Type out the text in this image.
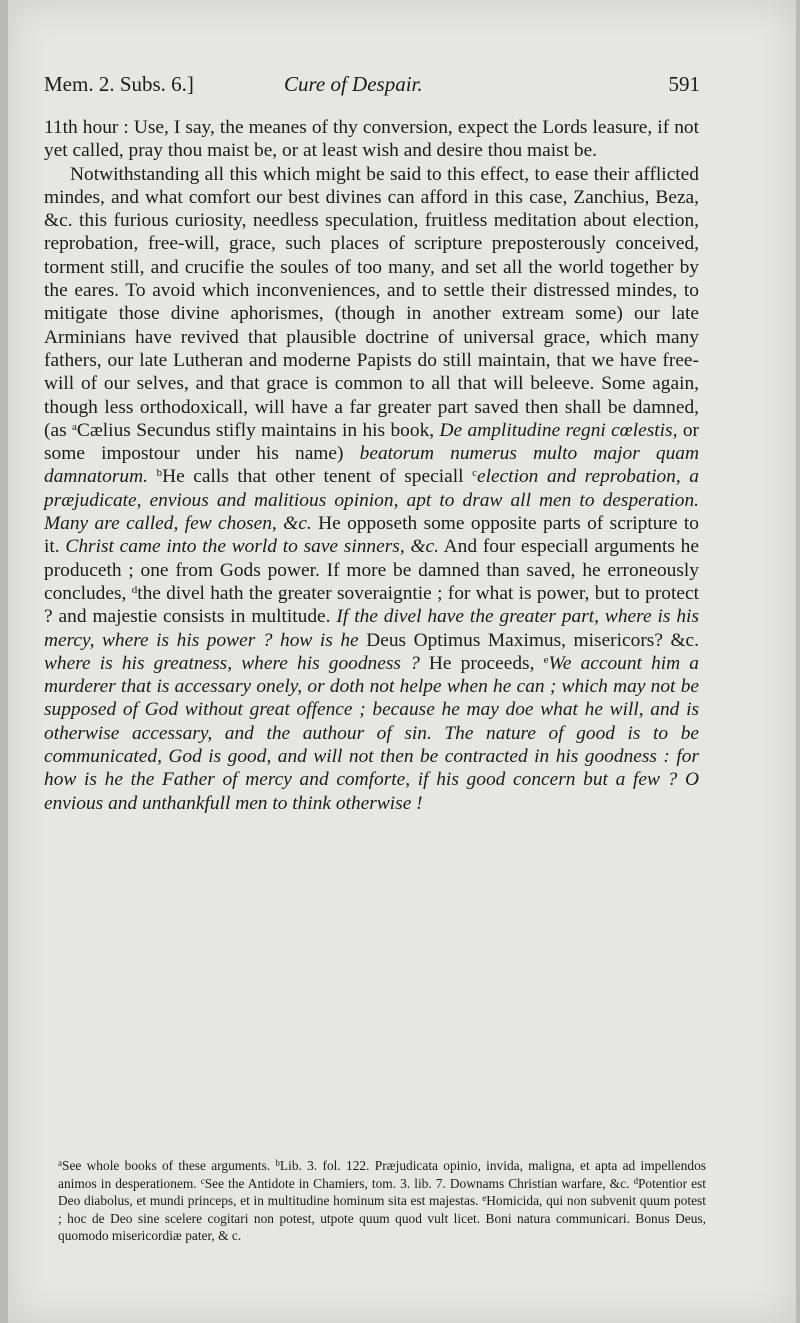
Mem. 2. Subs. 6.]	Cure of Despair.	591

11th hour : Use, I say, the meanes of thy conversion, expect the Lords leasure, if not yet called, pray thou maist be, or at least wish and desire thou maist be.

Notwithstanding all this which might be said to this effect, to ease their afflicted mindes, and what comfort our best divines can afford in this case, Zanchius, Beza, &c. this furious curiosity, needless speculation, fruitless meditation about election, reprobation, free-will, grace, such places of scripture preposterously conceived, torment still, and crucifie the soules of too many, and set all the world together by the eares. To avoid which inconveniences, and to settle their distressed mindes, to mitigate those divine aphorismes, (though in another extream some) our late Arminians have revived that plausible doctrine of universal grace, which many fathers, our late Lutheran and moderne Papists do still maintain, that we have free-will of our selves, and that grace is common to all that will beleeve. Some again, though less orthodoxicall, will have a far greater part saved then shall be damned, (as $^a$Cælius Secundus stifly maintains in his book, De amplitudine regni cœlestis, or some impostour under his name) beatorum numerus multo major quam damnatorum. $^b$He calls that other tenent of speciall $^c$election and reprobation, a præjudicate, envious and malitious opinion, apt to draw all men to desperation. Many are called, few chosen, &c. He opposeth some opposite parts of scripture to it. Christ came into the world to save sinners, &c. And four especiall arguments he produceth ; one from Gods power. If more be damned than saved, he erroneously concludes, $^d$the divel hath the greater soveraigntie ; for what is power, but to protect ? and majestie consists in multitude. If the divel have the greater part, where is his mercy, where is his power ? how is he Deus Optimus Maximus, misericors? &c. where is his greatness, where his goodness ? He proceeds, $^e$We account him a murderer that is accessary onely, or doth not helpe when he can ; which may not be supposed of God without great offence ; because he may doe what he will, and is otherwise accessary, and the authour of sin. The nature of good is to be communicated, God is good, and will not then be contracted in his goodness : for how is he the Father of mercy and comforte, if his good concern but a few ? O envious and unthankfull men to think otherwise !

$^a$See whole books of these arguments. $^b$Lib. 3. fol. 122. Præjudicata opinio, invida, maligna, et apta ad impellendos animos in desperationem. $^c$See the Antidote in Chamiers, tom. 3. lib. 7. Downams Christian warfare, &c. $^d$Potentior est Deo diabolus, et mundi princeps, et in multitudine hominum sita est majestas. $^e$Homicida, qui non subvenit quum potest ; hoc de Deo sine scelere cogitari non potest, utpote quum quod vult licet. Boni natura communicari. Bonus Deus, quomodo misericordiæ pater, & c.
